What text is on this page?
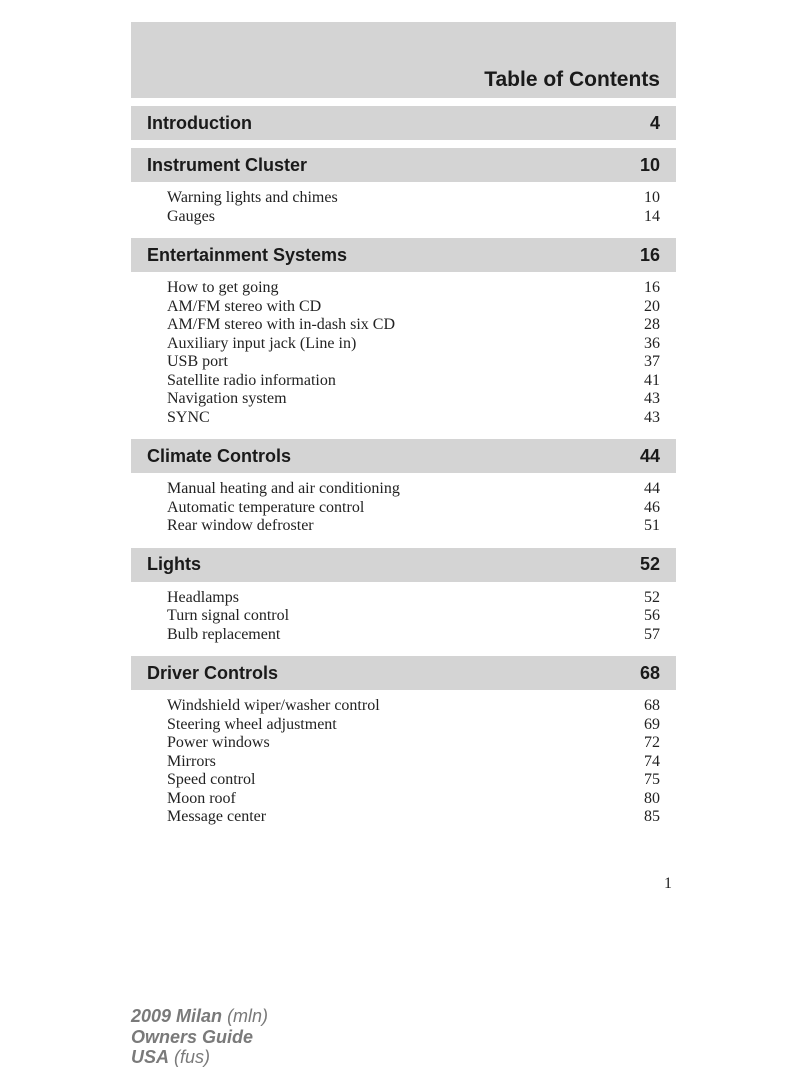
Table of Contents
Introduction	4
Instrument Cluster	10
Warning lights and chimes	10
Gauges	14
Entertainment Systems	16
How to get going	16
AM/FM stereo with CD	20
AM/FM stereo with in-dash six CD	28
Auxiliary input jack (Line in)	36
USB port	37
Satellite radio information	41
Navigation system	43
SYNC	43
Climate Controls	44
Manual heating and air conditioning	44
Automatic temperature control	46
Rear window defroster	51
Lights	52
Headlamps	52
Turn signal control	56
Bulb replacement	57
Driver Controls	68
Windshield wiper/washer control	68
Steering wheel adjustment	69
Power windows	72
Mirrors	74
Speed control	75
Moon roof	80
Message center	85
1
2009 Milan (mln)
Owners Guide
USA (fus)
